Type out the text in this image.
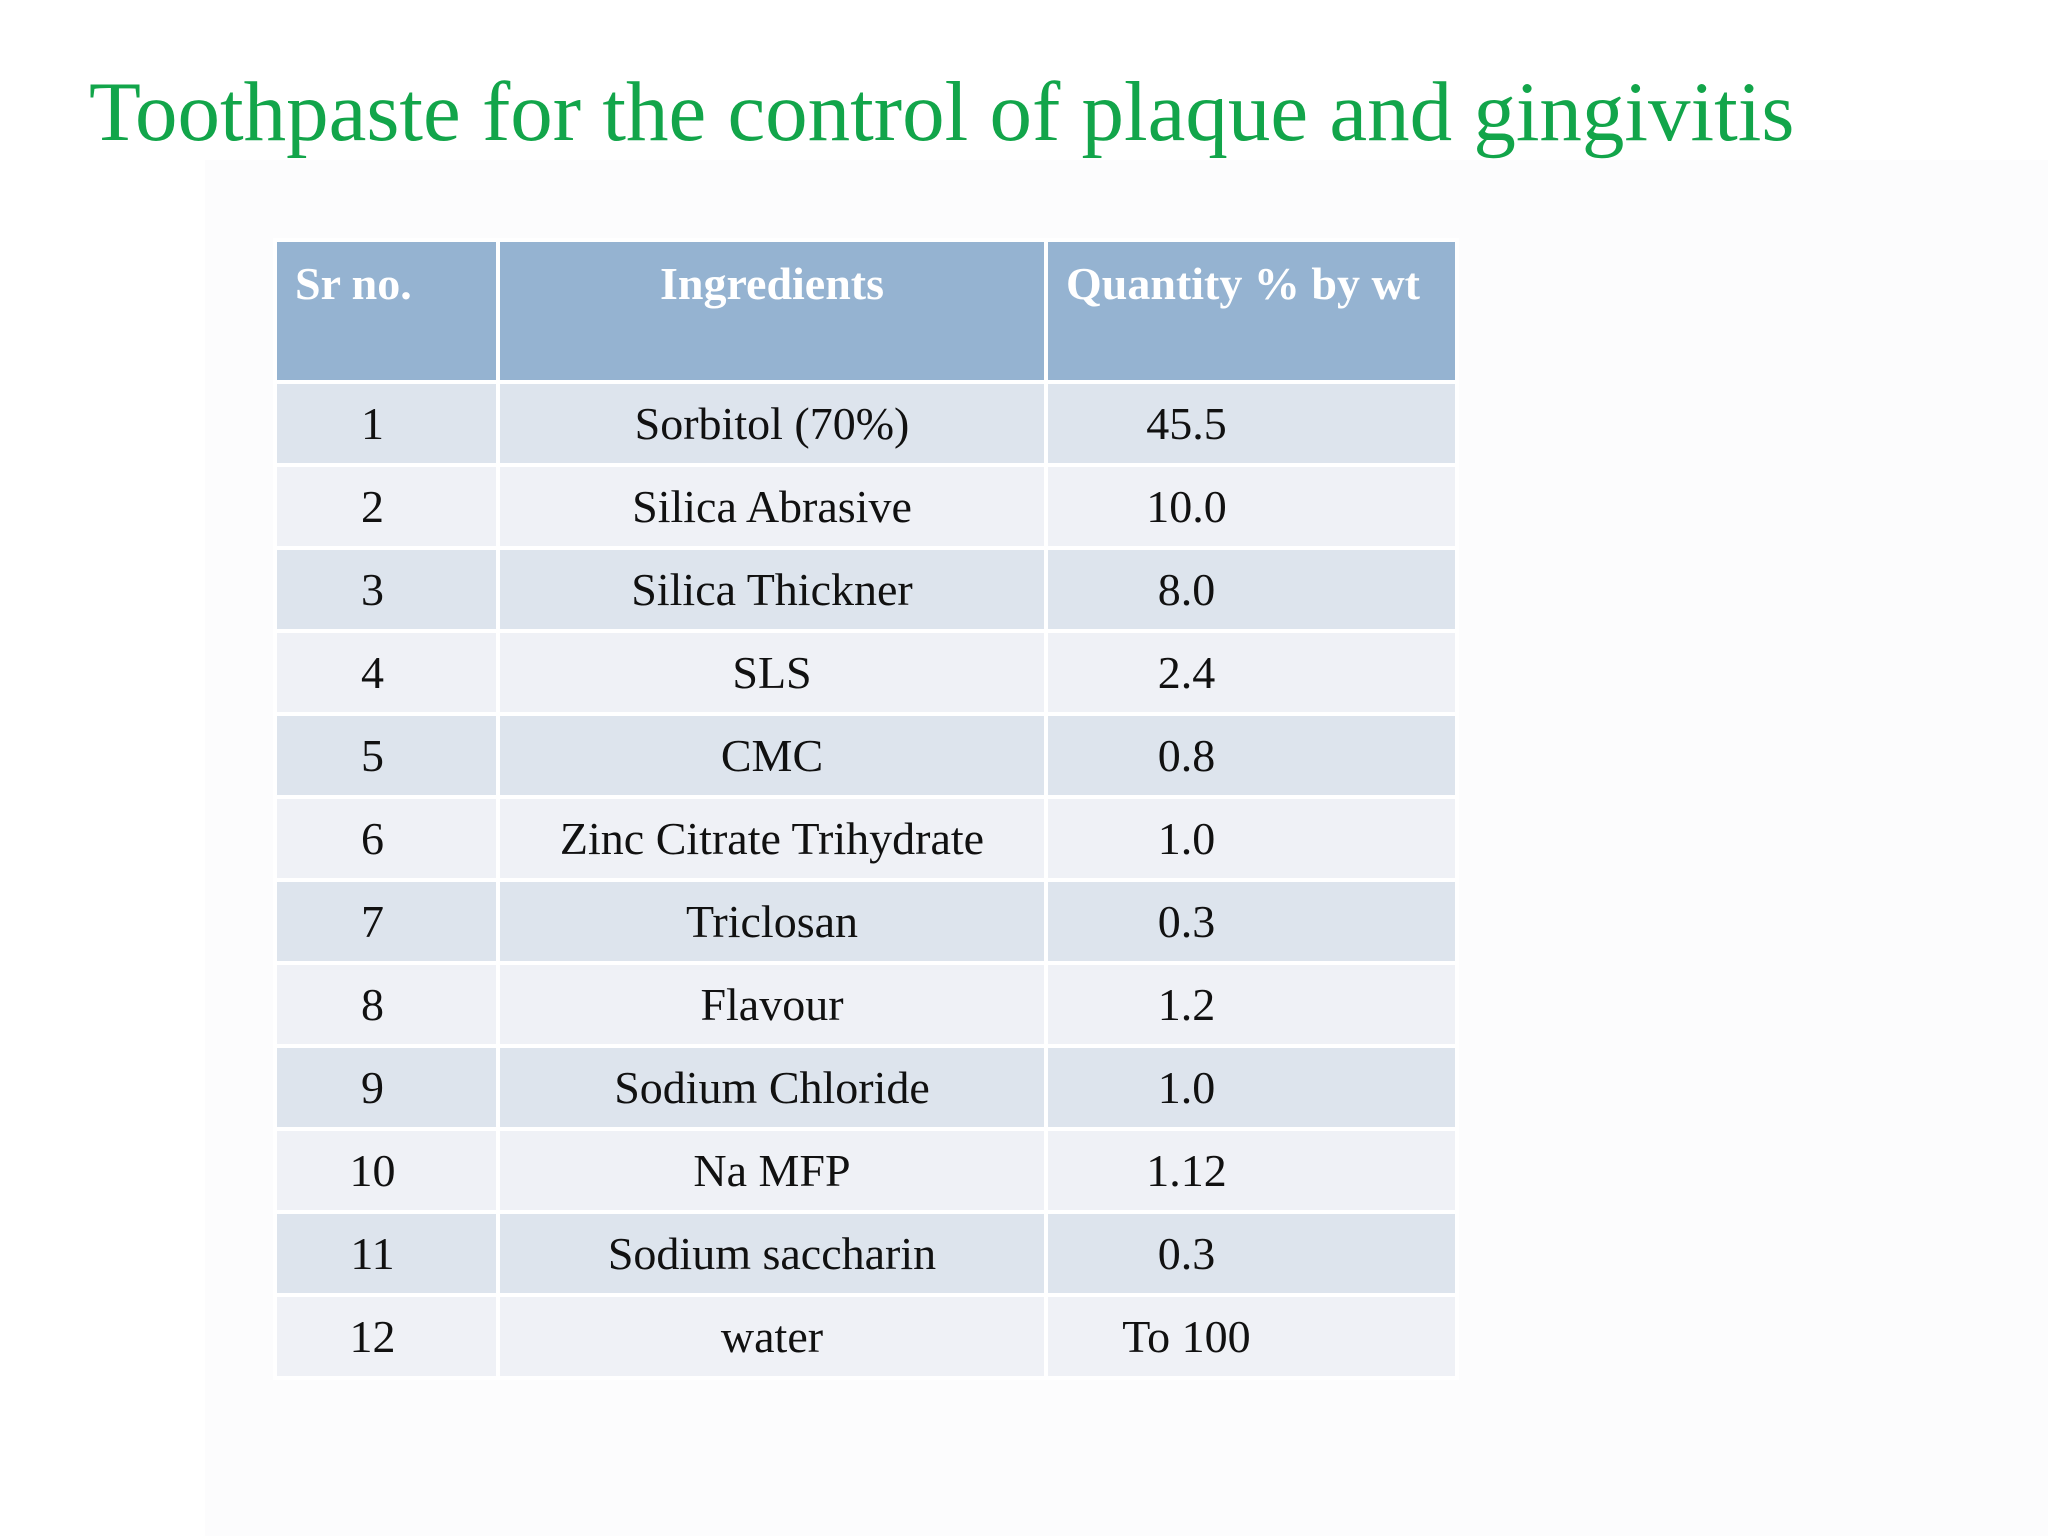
Toothpaste for the control of plaque and gingivitis
Sr no.	Ingredients	Quantity % by wt
1	Sorbitol (70%)	45.5
2	Silica Abrasive	10.0
3	Silica Thickner	8.0
4	SLS	2.4
5	CMC	0.8
6	Zinc Citrate Trihydrate	1.0
7	Triclosan	0.3
8	Flavour	1.2
9	Sodium Chloride	1.0
10	Na MFP	1.12
11	Sodium saccharin	0.3
12	water	To 100
